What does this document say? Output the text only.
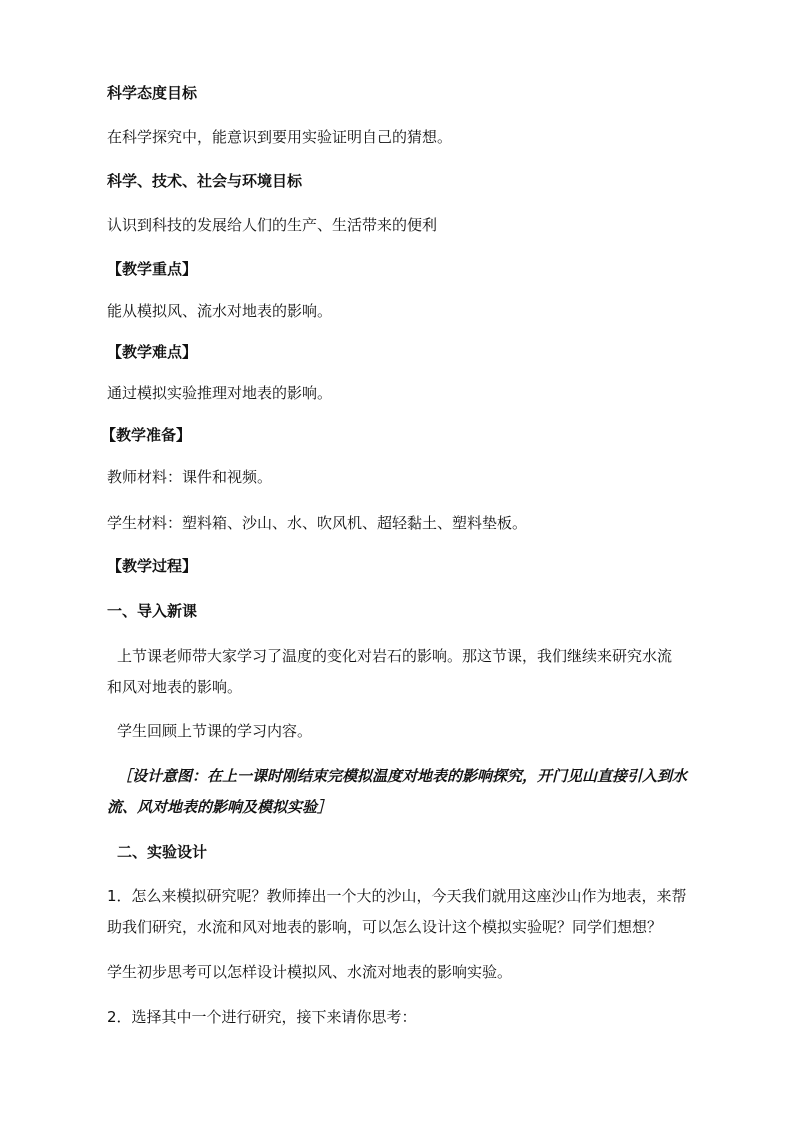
科学态度目标
在科学探究中，能意识到要用实验证明自己的猜想。
科学、技术、社会与环境目标
认识到科技的发展给人们的生产、生活带来的便利
【教学重点】
能从模拟风、流水对地表的影响。
【教学难点】
通过模拟实验推理对地表的影响。
【教学准备】
教师材料：课件和视频。
学生材料：塑料箱、沙山、水、吹风机、超轻黏土、塑料垫板。
【教学过程】
一、导入新课
上节课老师带大家学习了温度的变化对岩石的影响。那这节课，我们继续来研究水流
和风对地表的影响。
学生回顾上节课的学习内容。
［设计意图：在上一课时刚结束完模拟温度对地表的影响探究，开门见山直接引入到水
流、风对地表的影响及模拟实验］
二、实验设计
1．怎么来模拟研究呢？教师捧出一个大的沙山，今天我们就用这座沙山作为地表，来帮
助我们研究，水流和风对地表的影响，可以怎么设计这个模拟实验呢？同学们想想？
学生初步思考可以怎样设计模拟风、水流对地表的影响实验。
2．选择其中一个进行研究，接下来请你思考：
